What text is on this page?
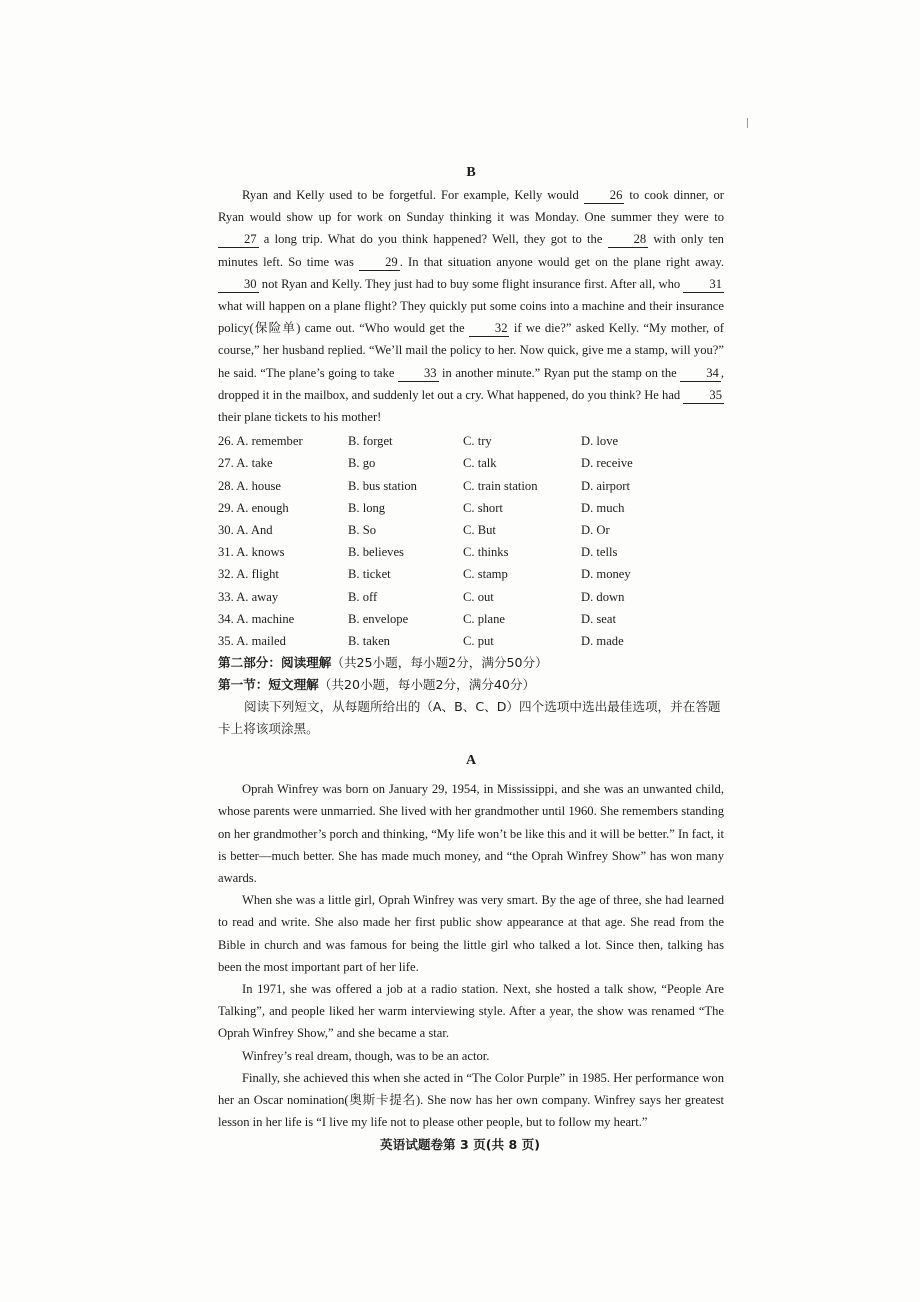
B

Ryan and Kelly used to be forgetful. For example, Kelly would 26 to cook dinner, or Ryan would show up for work on Sunday thinking it was Monday. One summer they were to 27 a long trip. What do you think happened? Well, they got to the 28 with only ten minutes left. So time was 29 . In that situation anyone would get on the plane right away. 30 not Ryan and Kelly. They just had to buy some flight insurance first. After all, who 31 what will happen on a plane flight? They quickly put some coins into a machine and their insurance policy(保险单) came out. “Who would get the 32 if we die?” asked Kelly. “My mother, of course,” her husband replied. “We’ll mail the policy to her. Now quick, give me a stamp, will you?” he said. “The plane’s going to take 33 in another minute.” Ryan put the stamp on the 34 , dropped it in the mailbox, and suddenly let out a cry. What happened, do you think? He had 35 their plane tickets to his mother!

26. A. remember	B. forget	C. try	D. love
27. A. take	B. go	C. talk	D. receive
28. A. house	B. bus station	C. train station	D. airport
29. A. enough	B. long	C. short	D. much
30. A. And	B. So	C. But	D. Or
31. A. knows	B. believes	C. thinks	D. tells
32. A. flight	B. ticket	C. stamp	D. money
33. A. away	B. off	C. out	D. down
34. A. machine	B. envelope	C. plane	D. seat
35. A. mailed	B. taken	C. put	D. made

第二部分：阅读理解（共25小题，每小题2分，满分50分）

第一节：短文理解（共20小题，每小题2分，满分40分）

阅读下列短文，从每题所给出的（A、B、C、D）四个选项中选出最佳选项，并在答题卡上将该项涂黑。

A

Oprah Winfrey was born on January 29, 1954, in Mississippi, and she was an unwanted child, whose parents were unmarried. She lived with her grandmother until 1960. She remembers standing on her grandmother’s porch and thinking, “My life won’t be like this and it will be better.” In fact, it is better—much better. She has made much money, and “the Oprah Winfrey Show” has won many awards.

When she was a little girl, Oprah Winfrey was very smart. By the age of three, she had learned to read and write. She also made her first public show appearance at that age. She read from the Bible in church and was famous for being the little girl who talked a lot. Since then, talking has been the most important part of her life.

In 1971, she was offered a job at a radio station. Next, she hosted a talk show, “People Are Talking”, and people liked her warm interviewing style. After a year, the show was renamed “The Oprah Winfrey Show,” and she became a star.

Winfrey’s real dream, though, was to be an actor.

Finally, she achieved this when she acted in “The Color Purple” in 1985. Her performance won her an Oscar nomination(奥斯卡提名). She now has her own company. Winfrey says her greatest lesson in her life is “I live my life not to please other people, but to follow my heart.”

英语试题卷第 3 页(共 8 页)
